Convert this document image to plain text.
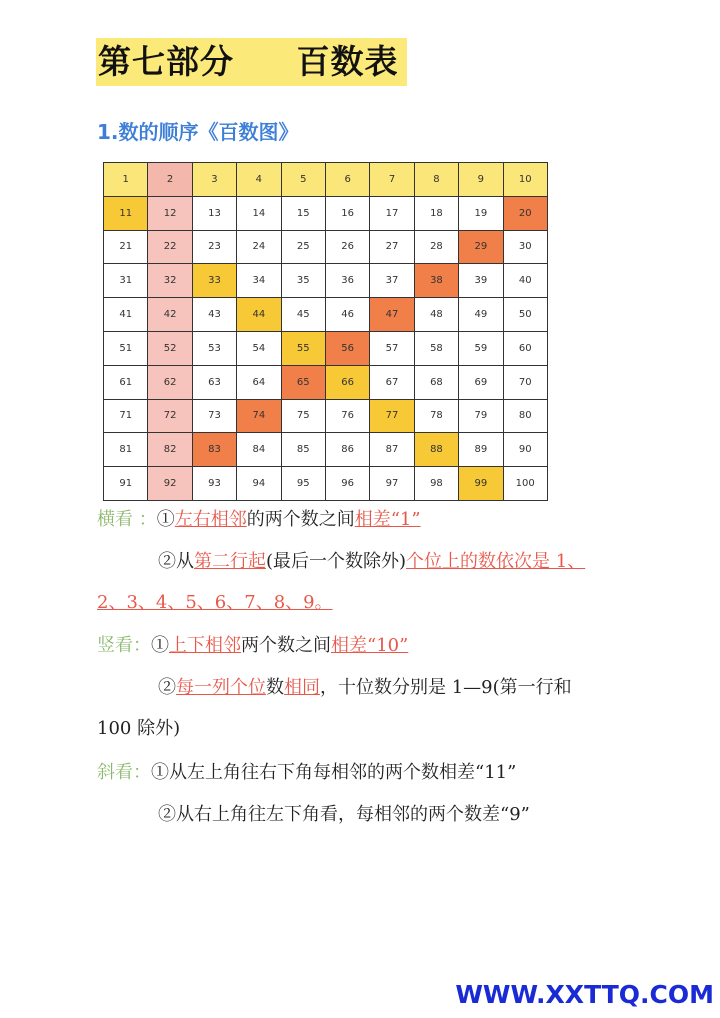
第七部分     百数表
1.数的顺序《百数图》
1	2	3	4	5	6	7	8	9	10
11	12	13	14	15	16	17	18	19	20
21	22	23	24	25	26	27	28	29	30
31	32	33	34	35	36	37	38	39	40
41	42	43	44	45	46	47	48	49	50
51	52	53	54	55	56	57	58	59	60
61	62	63	64	65	66	67	68	69	70
71	72	73	74	75	76	77	78	79	80
81	82	83	84	85	86	87	88	89	90
91	92	93	94	95	96	97	98	99	100
横看 ：①左右相邻的两个数之间相差“1”
②从第二行起(最后一个数除外)个位上的数依次是 1、
2、3、4、5、6、7、8、9。
竖看：①上下相邻两个数之间相差“10”
②每一列个位数相同，十位数分别是 1—9(第一行和
100 除外)
斜看：①从左上角往右下角每相邻的两个数相差“11”
②从右上角往左下角看，每相邻的两个数差“9”
WWW.XXTTQ.COM
